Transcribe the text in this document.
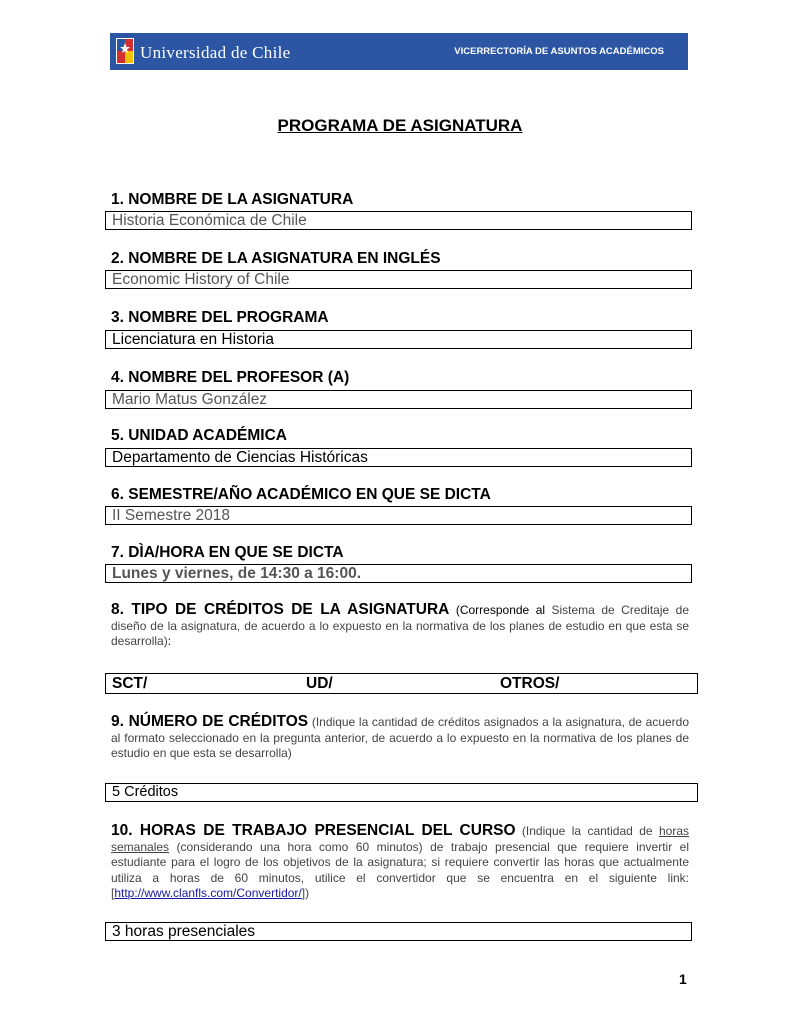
Universidad de Chile	VICERRECTORÍA DE ASUNTOS ACADÉMICOS
PROGRAMA DE ASIGNATURA
1. NOMBRE DE LA ASIGNATURA
Historia Económica de Chile
2. NOMBRE DE LA ASIGNATURA EN INGLÉS
Economic History of Chile
3. NOMBRE DEL PROGRAMA
Licenciatura en Historia
4. NOMBRE DEL PROFESOR (A)
Mario Matus González
5. UNIDAD ACADÉMICA
Departamento de Ciencias Históricas
6. SEMESTRE/AÑO ACADÉMICO EN QUE SE DICTA
II Semestre 2018
7. DÌA/HORA EN QUE SE DICTA
Lunes y viernes, de 14:30 a 16:00.
8. TIPO DE CRÉDITOS DE LA ASIGNATURA (Corresponde al Sistema de Creditaje de diseño de la asignatura, de acuerdo a lo expuesto en la normativa de los planes de estudio en que esta se desarrolla):
SCT/	UD/	OTROS/
9. NÚMERO DE CRÉDITOS (Indique la cantidad de créditos asignados a la asignatura, de acuerdo al formato seleccionado en la pregunta anterior, de acuerdo a lo expuesto en la normativa de los planes de estudio en que esta se desarrolla)
5 Créditos
10. HORAS DE TRABAJO PRESENCIAL DEL CURSO (Indique la cantidad de horas semanales (considerando una hora como 60 minutos) de trabajo presencial que requiere invertir el estudiante para el logro de los objetivos de la asignatura; si requiere convertir las horas que actualmente utiliza a horas de 60 minutos, utilice el convertidor que se encuentra en el siguiente link: [http://www.clanfls.com/Convertidor/])
3 horas presenciales
1
